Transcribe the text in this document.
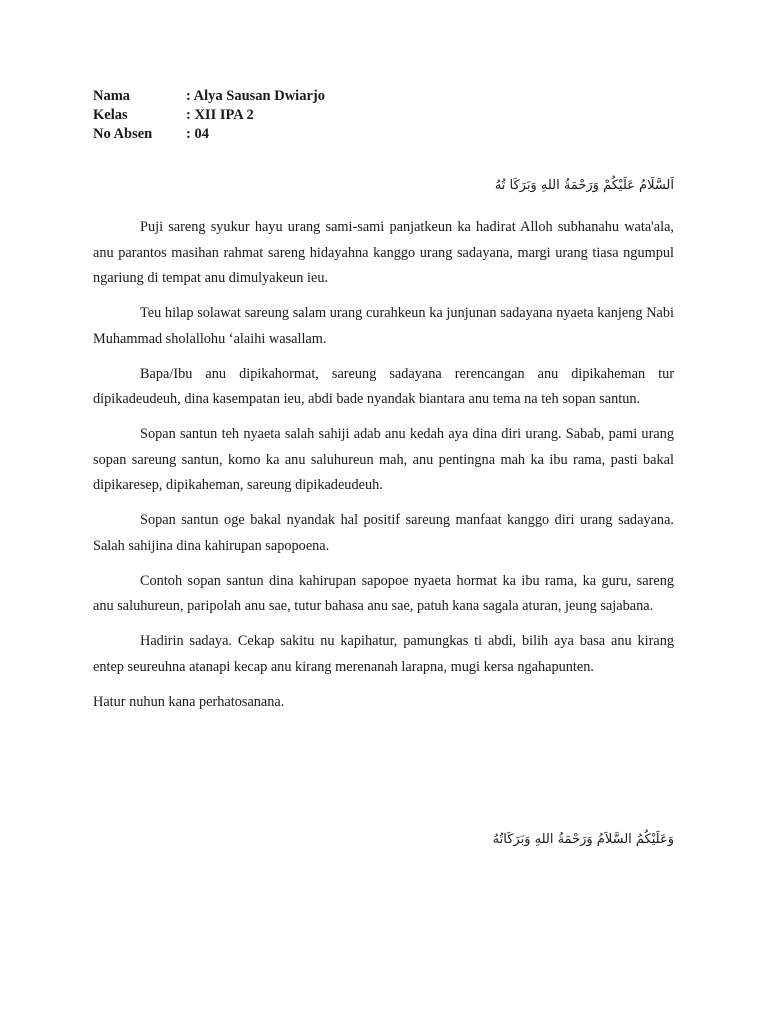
Nama	: Alya Sausan Dwiarjo
Kelas	: XII IPA 2
No Absen	: 04
اَلسَّلَامُ عَلَيْكُمْ وَرَحْمَةُ اللهِ وَبَرَكَا تُهُ

Puji sareng syukur hayu urang sami-sami panjatkeun ka hadirat Alloh subhanahu wata'ala, anu parantos masihan rahmat sareng hidayahna kanggo urang sadayana, margi urang tiasa ngumpul ngariung di tempat anu dimulyakeun ieu.

Teu hilap solawat sareung salam urang curahkeun ka junjunan sadayana nyaeta kanjeng Nabi Muhammad sholallohu ‘alaihi wasallam.

Bapa/Ibu anu dipikahormat, sareung sadayana rerencangan anu dipikaheman tur dipikadeudeuh, dina kasempatan ieu, abdi bade nyandak biantara anu tema na teh sopan santun.

Sopan santun teh nyaeta salah sahiji adab anu kedah aya dina diri urang. Sabab, pami urang sopan sareung santun, komo ka anu saluhureun mah, anu pentingna mah ka ibu rama, pasti bakal dipikaresep, dipikaheman, sareung dipikadeudeuh.

Sopan santun oge bakal nyandak hal positif sareung manfaat kanggo diri urang sadayana. Salah sahijina dina kahirupan sapopoena.

Contoh sopan santun dina kahirupan sapopoe nyaeta hormat ka ibu rama, ka guru, sareng anu saluhureun, paripolah anu sae, tutur bahasa anu sae, patuh kana sagala aturan, jeung sajabana.

Hadirin sadaya. Cekap sakitu nu kapihatur, pamungkas ti abdi, bilih aya basa anu kirang entep seureuhna atanapi kecap anu kirang merenanah larapna, mugi kersa ngahapunten.

Hatur nuhun kana perhatosanana.

وَعَلَيْكُمُ السَّلاَمُ وَرَحْمَةُ اللهِ وَبَرَكَاتُهُ
